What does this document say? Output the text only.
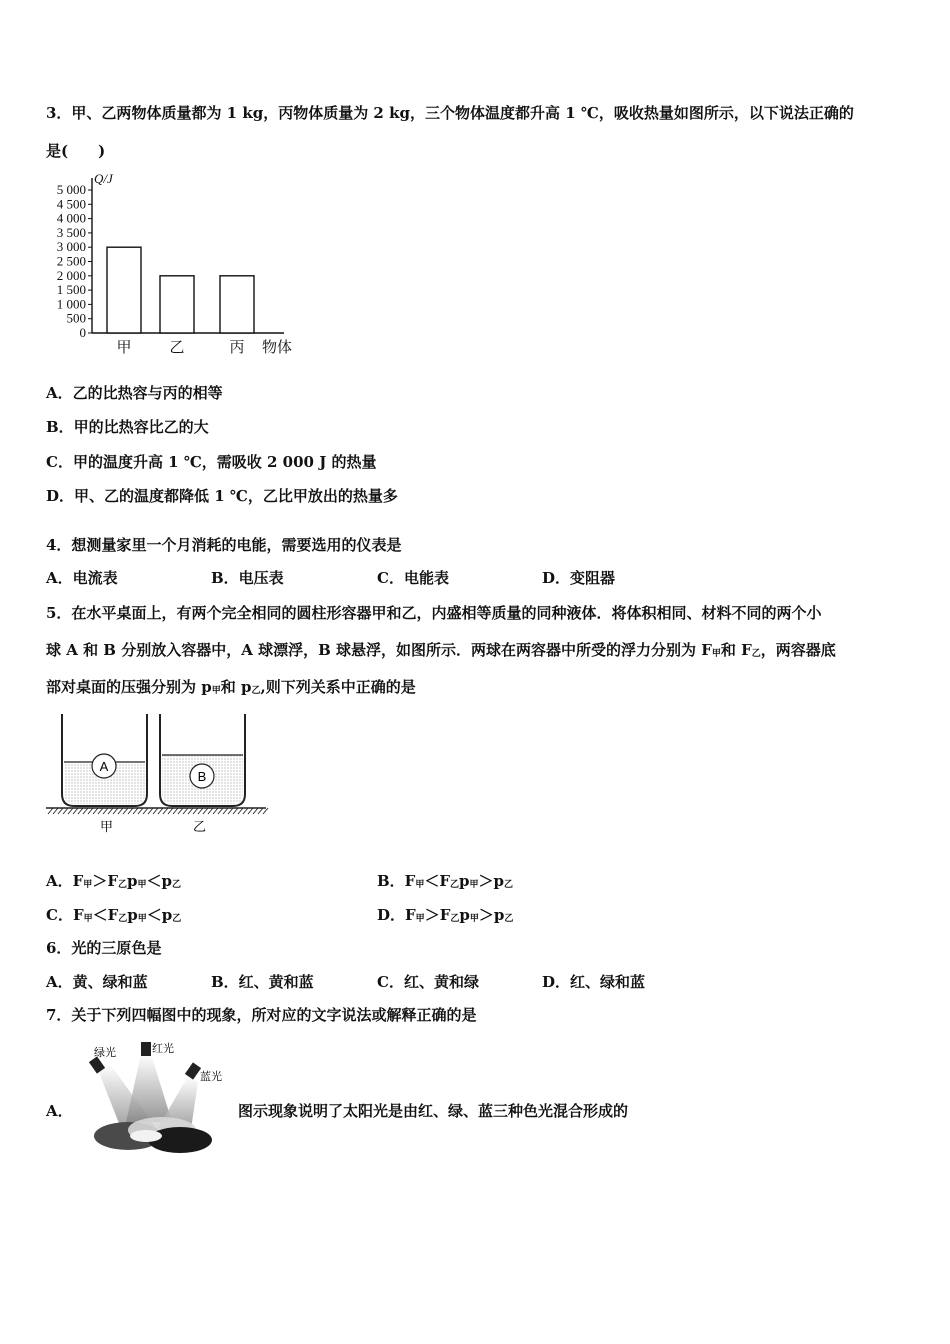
3．甲、乙两物体质量都为 1 kg，丙物体质量为 2 kg，三个物体温度都升高 1 ℃，吸收热量如图所示，以下说法正确的
是(　　)
Q/J
0
500
1 000
1 500
2 000
2 500
3 000
3 500
4 000
4 500
5 000
甲	乙	丙 物体
A．乙的比热容与丙的相等
B．甲的比热容比乙的大
C．甲的温度升高 1 ℃，需吸收 2 000 J 的热量
D．甲、乙的温度都降低 1 ℃，乙比甲放出的热量多
4．想测量家里一个月消耗的电能，需要选用的仪表是
A．电流表	B．电压表	C．电能表	D．变阻器
5．在水平桌面上，有两个完全相同的圆柱形容器甲和乙，内盛相等质量的同种液体．将体积相同、材料不同的两个小
球 A 和 B 分别放入容器中，A 球漂浮，B 球悬浮，如图所示．两球在两容器中所受的浮力分别为 $F_甲$和 $F_乙$，两容器底
部对桌面的压强分别为 $p_甲$和 $p_乙$,则下列关系中正确的是
A
B
甲	乙
A．$F_甲>F_乙p_甲<p_乙$	B．$F_甲<F_乙p_甲>p_乙$
C．$F_甲<F_乙p_甲<p_乙$	D．$F_甲>F_乙p_甲>p_乙$
6．光的三原色是
A．黄、绿和蓝	B．红、黄和蓝	C．红、黄和绿	D．红、绿和蓝
7．关于下列四幅图中的现象，所对应的文字说法或解释正确的是
A．
绿光	红光
蓝光
图示现象说明了太阳光是由红、绿、蓝三种色光混合形成的
